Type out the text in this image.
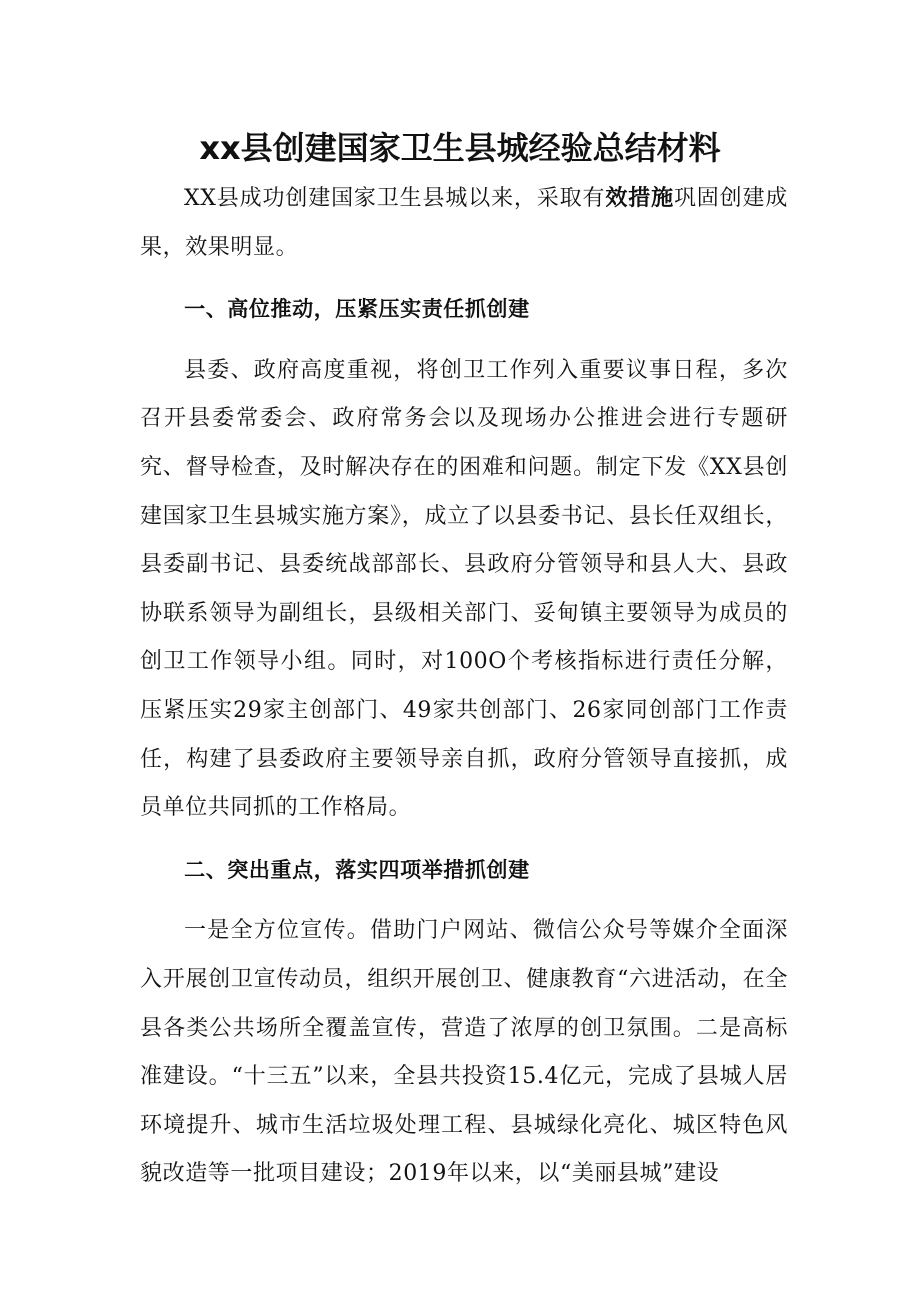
xx县创建国家卫生县城经验总结材料

XX县成功创建国家卫生县城以来，采取有效措施巩固创建成果，效果明显。

一、高位推动，压紧压实责任抓创建

县委、政府高度重视，将创卫工作列入重要议事日程，多次召开县委常委会、政府常务会以及现场办公推进会进行专题研究、督导检查，及时解决存在的困难和问题。制定下发《XX县创建国家卫生县城实施方案》，成立了以县委书记、县长任双组长，县委副书记、县委统战部部长、县政府分管领导和县人大、县政协联系领导为副组长，县级相关部门、妥甸镇主要领导为成员的创卫工作领导小组。同时，对100O个考核指标进行责任分解，压紧压实29家主创部门、49家共创部门、26家同创部门工作责任，构建了县委政府主要领导亲自抓，政府分管领导直接抓，成员单位共同抓的工作格局。

二、突出重点，落实四项举措抓创建

一是全方位宣传。借助门户网站、微信公众号等媒介全面深入开展创卫宣传动员，组织开展创卫、健康教育“六进活动，在全县各类公共场所全覆盖宣传，营造了浓厚的创卫氛围。二是高标准建设。“十三五”以来，全县共投资15.4亿元，完成了县城人居环境提升、城市生活垃圾处理工程、县城绿化亮化、城区特色风貌改造等一批项目建设；2019年以来，以“美丽县城”建设
